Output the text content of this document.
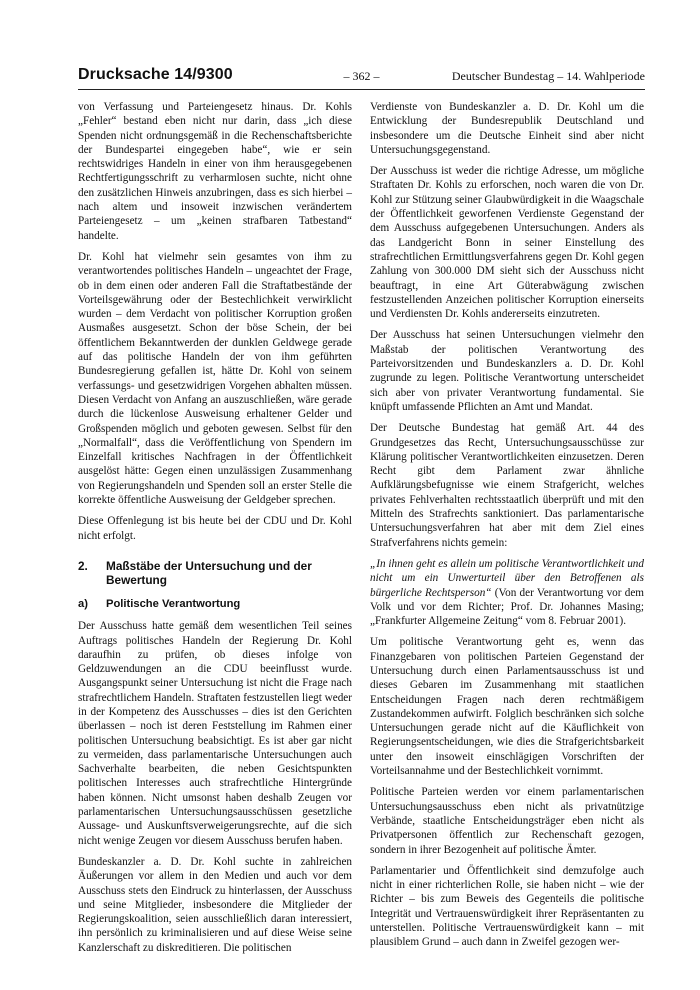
Drucksache 14/9300	– 362 –	Deutscher Bundestag – 14. Wahlperiode

von Verfassung und Parteiengesetz hinaus. Dr. Kohls „Fehler“ bestand eben nicht nur darin, dass „ich diese Spenden nicht ordnungsgemäß in die Rechenschaftsberichte der Bundespartei eingegeben habe“, wie er sein rechtswidriges Handeln in einer von ihm herausgegebenen Rechtfertigungsschrift zu verharmlosen suchte, nicht ohne den zusätzlichen Hinweis anzubringen, dass es sich hierbei – nach altem und insoweit inzwischen verändertem Parteiengesetz – um „keinen strafbaren Tatbestand“ handelte.

Dr. Kohl hat vielmehr sein gesamtes von ihm zu verantwortendes politisches Handeln – ungeachtet der Frage, ob in dem einen oder anderen Fall die Straftatbestände der Vorteilsgewährung oder der Bestechlichkeit verwirklicht wurden – dem Verdacht von politischer Korruption großen Ausmaßes ausgesetzt. Schon der böse Schein, der bei öffentlichem Bekanntwerden der dunklen Geldwege gerade auf das politische Handeln der von ihm geführten Bundesregierung gefallen ist, hätte Dr. Kohl von seinem verfassungs- und gesetzwidrigen Vorgehen abhalten müssen. Diesen Verdacht von Anfang an auszuschließen, wäre gerade durch die lückenlose Ausweisung erhaltener Gelder und Großspenden möglich und geboten gewesen. Selbst für den „Normalfall“, dass die Veröffentlichung von Spendern im Einzelfall kritisches Nachfragen in der Öffentlichkeit ausgelöst hätte: Gegen einen unzulässigen Zusammenhang von Regierungshandeln und Spenden soll an erster Stelle die korrekte öffentliche Ausweisung der Geldgeber sprechen.

Diese Offenlegung ist bis heute bei der CDU und Dr. Kohl nicht erfolgt.

2.	Maßstäbe der Untersuchung und der Bewertung
a)	Politische Verantwortung

Der Ausschuss hatte gemäß dem wesentlichen Teil seines Auftrags politisches Handeln der Regierung Dr. Kohl daraufhin zu prüfen, ob dieses infolge von Geldzuwendungen an die CDU beeinflusst wurde. Ausgangspunkt seiner Untersuchung ist nicht die Frage nach strafrechtlichem Handeln. Straftaten festzustellen liegt weder in der Kompetenz des Ausschusses – dies ist den Gerichten überlassen – noch ist deren Feststellung im Rahmen einer politischen Untersuchung beabsichtigt. Es ist aber gar nicht zu vermeiden, dass parlamentarische Untersuchungen auch Sachverhalte bearbeiten, die neben Gesichtspunkten politischen Interesses auch strafrechtliche Hintergründe haben können. Nicht umsonst haben deshalb Zeugen vor parlamentarischen Untersuchungsausschüssen gesetzliche Aussage- und Auskunftsverweigerungsrechte, auf die sich nicht wenige Zeugen vor diesem Ausschuss berufen haben.

Bundeskanzler a. D. Dr. Kohl suchte in zahlreichen Äußerungen vor allem in den Medien und auch vor dem Ausschuss stets den Eindruck zu hinterlassen, der Ausschuss und seine Mitglieder, insbesondere die Mitglieder der Regierungskoalition, seien ausschließlich daran interessiert, ihn persönlich zu kriminalisieren und auf diese Weise seine Kanzlerschaft zu diskreditieren. Die politischen

Verdienste von Bundeskanzler a. D. Dr. Kohl um die Entwicklung der Bundesrepublik Deutschland und insbesondere um die Deutsche Einheit sind aber nicht Untersuchungsgegenstand.

Der Ausschuss ist weder die richtige Adresse, um mögliche Straftaten Dr. Kohls zu erforschen, noch waren die von Dr. Kohl zur Stützung seiner Glaubwürdigkeit in die Waagschale der Öffentlichkeit geworfenen Verdienste Gegenstand der dem Ausschuss aufgegebenen Untersuchungen. Anders als das Landgericht Bonn in seiner Einstellung des strafrechtlichen Ermittlungsverfahrens gegen Dr. Kohl gegen Zahlung von 300.000 DM sieht sich der Ausschuss nicht beauftragt, in eine Art Güterabwägung zwischen festzustellenden Anzeichen politischer Korruption einerseits und Verdiensten Dr. Kohls andererseits einzutreten.

Der Ausschuss hat seinen Untersuchungen vielmehr den Maßstab der politischen Verantwortung des Parteivorsitzenden und Bundeskanzlers a. D. Dr. Kohl zugrunde zu legen. Politische Verantwortung unterscheidet sich aber von privater Verantwortung fundamental. Sie knüpft umfassende Pflichten an Amt und Mandat.

Der Deutsche Bundestag hat gemäß Art. 44 des Grundgesetzes das Recht, Untersuchungsausschüsse zur Klärung politischer Verantwortlichkeiten einzusetzen. Deren Recht gibt dem Parlament zwar ähnliche Aufklärungsbefugnisse wie einem Strafgericht, welches privates Fehlverhalten rechtsstaatlich überprüft und mit den Mitteln des Strafrechts sanktioniert. Das parlamentarische Untersuchungsverfahren hat aber mit dem Ziel eines Strafverfahrens nichts gemein:

„In ihnen geht es allein um politische Verantwortlichkeit und nicht um ein Unwerturteil über den Betroffenen als bürgerliche Rechtsperson“ (Von der Verantwortung vor dem Volk und vor dem Richter; Prof. Dr. Johannes Masing; „Frankfurter Allgemeine Zeitung“ vom 8. Februar 2001).

Um politische Verantwortung geht es, wenn das Finanzgebaren von politischen Parteien Gegenstand der Untersuchung durch einen Parlamentsausschuss ist und dieses Gebaren im Zusammenhang mit staatlichen Entscheidungen Fragen nach deren rechtmäßigem Zustandekommen aufwirft. Folglich beschränken sich solche Untersuchungen gerade nicht auf die Käuflichkeit von Regierungsentscheidungen, wie dies die Strafgerichtsbarkeit unter den insoweit einschlägigen Vorschriften der Vorteilsannahme und der Bestechlichkeit vornimmt.

Politische Parteien werden vor einem parlamentarischen Untersuchungsausschuss eben nicht als privatnützige Verbände, staatliche Entscheidungsträger eben nicht als Privatpersonen öffentlich zur Rechenschaft gezogen, sondern in ihrer Bezogenheit auf politische Ämter.

Parlamentarier und Öffentlichkeit sind demzufolge auch nicht in einer richterlichen Rolle, sie haben nicht – wie der Richter – bis zum Beweis des Gegenteils die politische Integrität und Vertrauenswürdigkeit ihrer Repräsentanten zu unterstellen. Politische Vertrauenswürdigkeit kann – mit plausiblem Grund – auch dann in Zweifel gezogen wer-
